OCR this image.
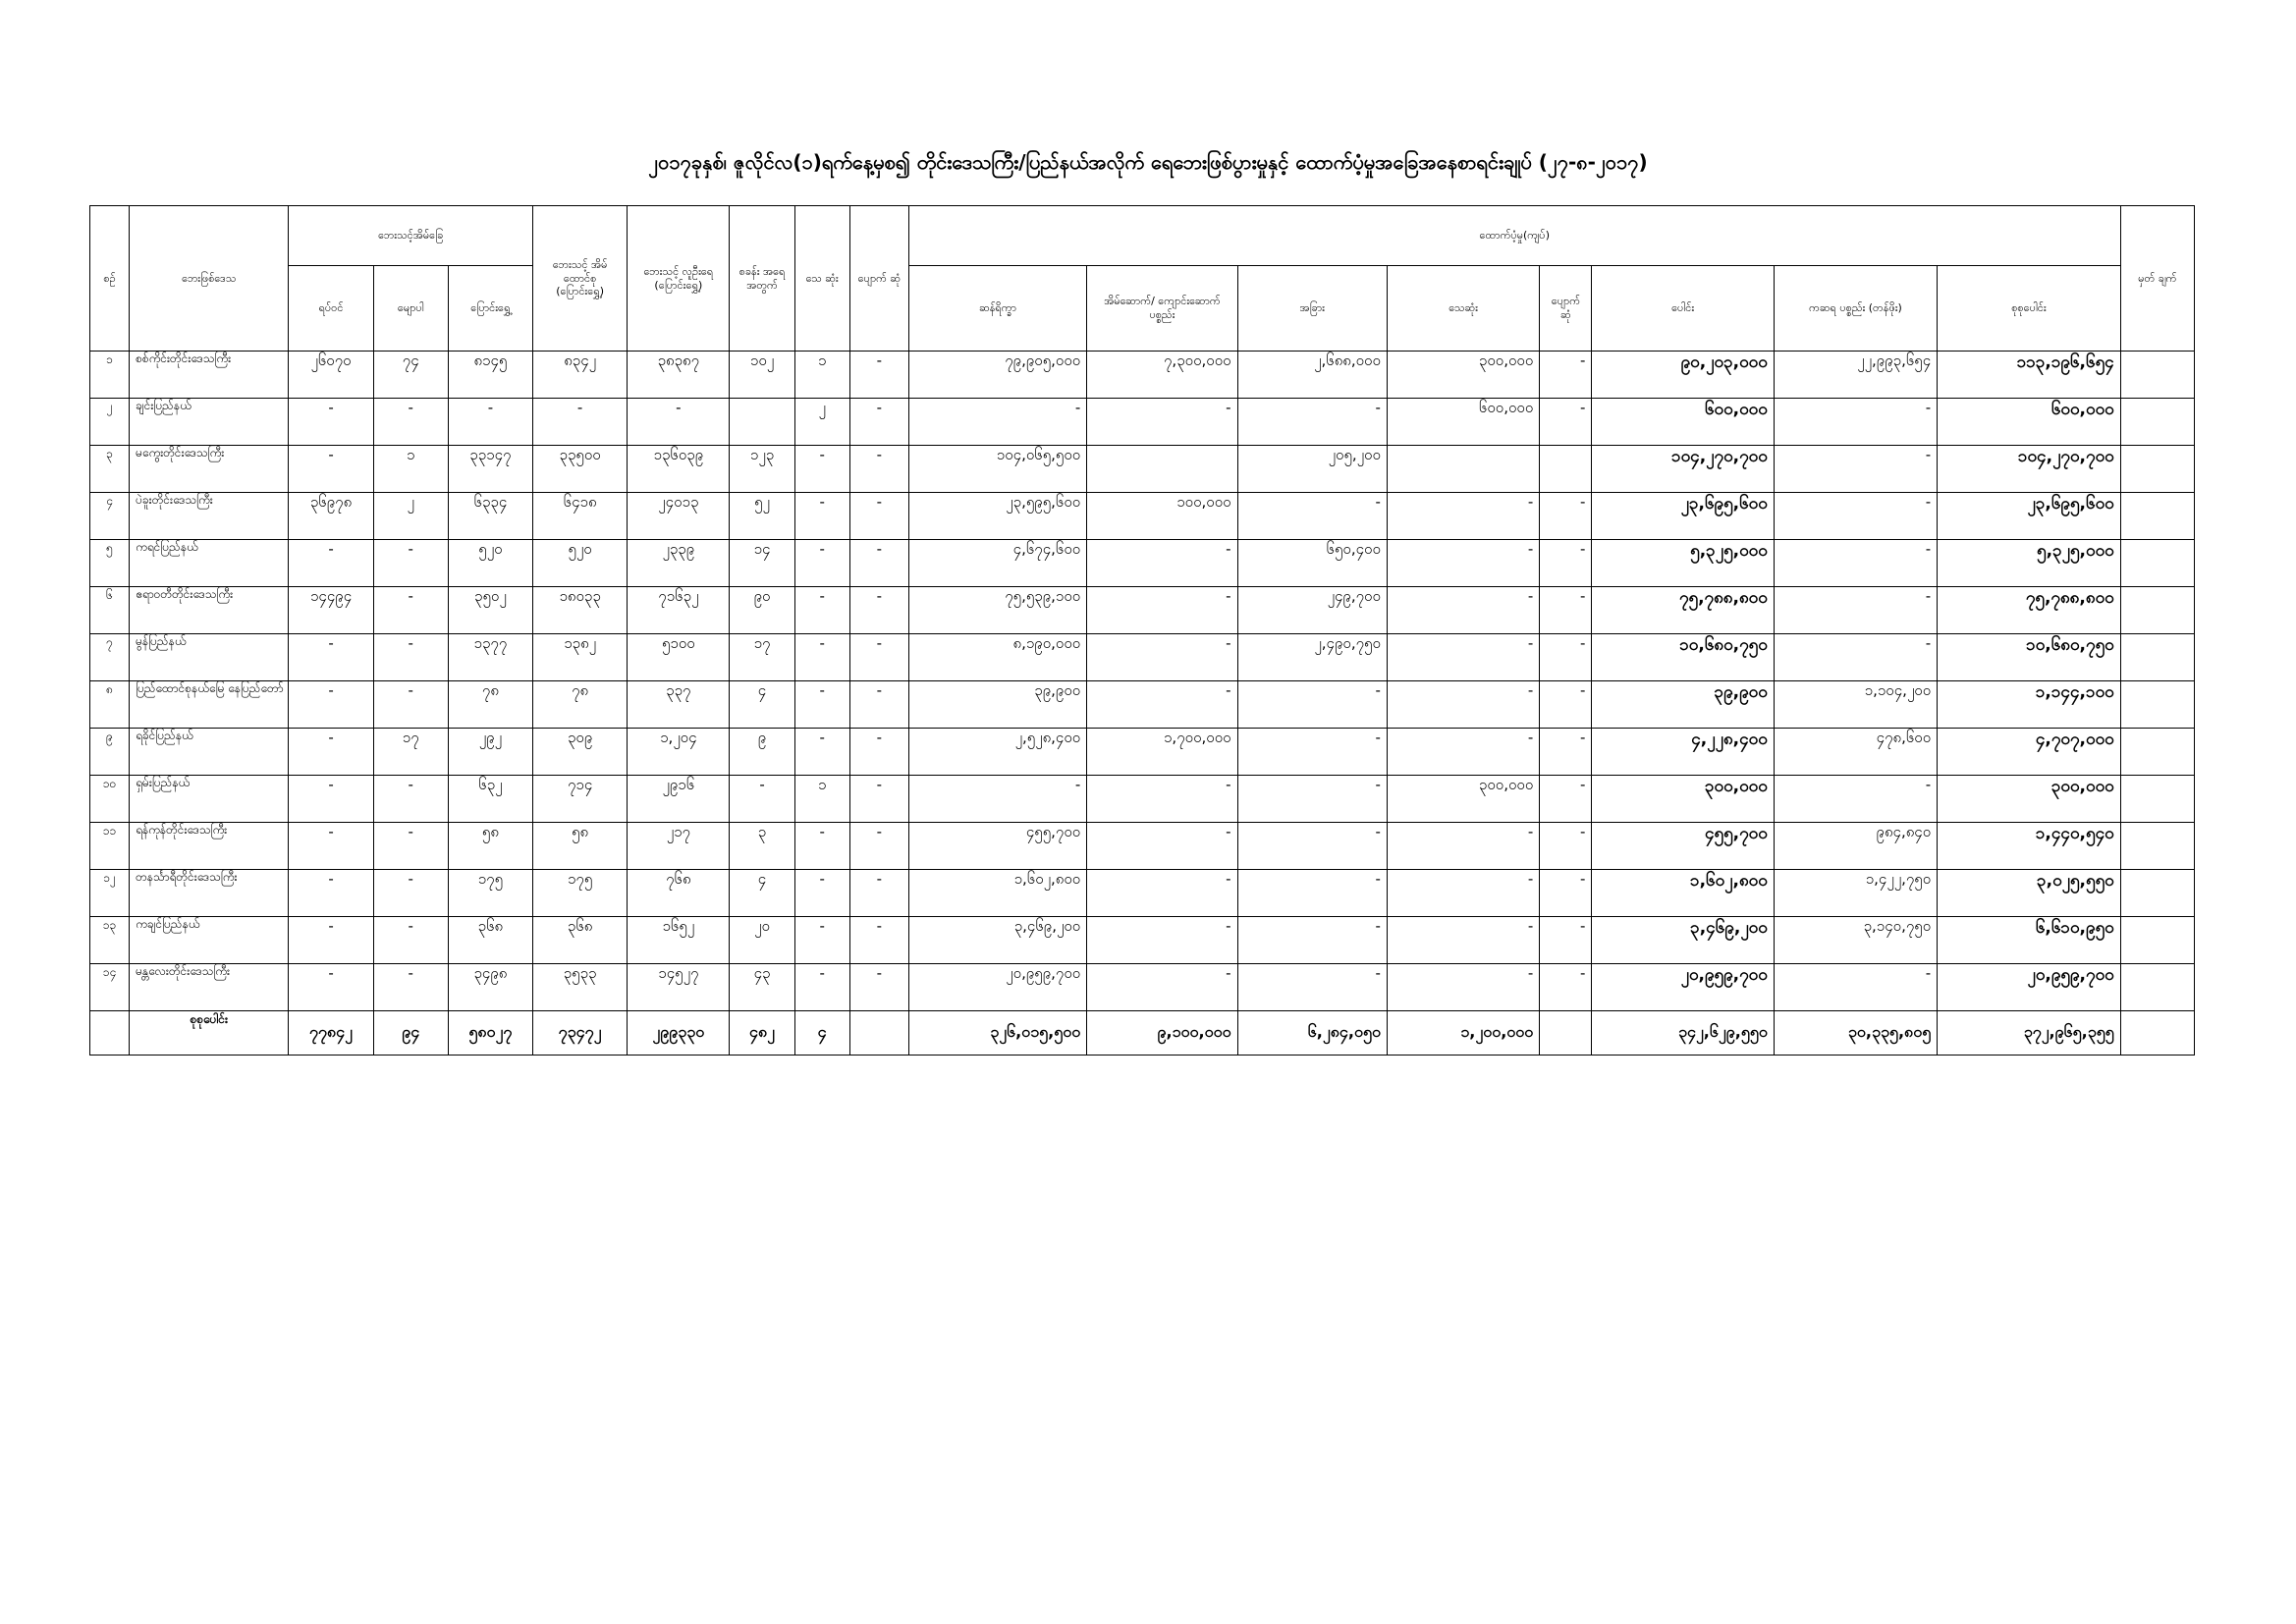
၂၀၁၇ခုနှစ်၊ ဇူလိုင်လ(၁)ရက်နေ့မှစ၍ တိုင်းဒေသကြီး/ပြည်နယ်အလိုက် ရေဘေးဖြစ်ပွားမှုနှင့် ထောက်ပံ့မှုအခြေအနေစာရင်းချုပ် (၂၇-၈-၂၀၁၇)
စဥ်	ဘေးဖြစ်ဒေသ	ဘေးသင့်အိမ်ခြေ			ဘေးသင့် အိမ် ထောင်စု (ပြောင်းရွှေ့)	ဘေးသင့် လူဦးရေ (ပြောင်းရွှေ့)	စခန်း အရေ အတွက်	သေ ဆုံး	ပျောက် ဆုံ	ထောက်ပံ့မှု(ကျပ်)								မှတ် ချက်
		ရပ်ဝင်	မျောပါ	ပြောင်းရွှေ့						ဆန်ရိက္ခာ	အိမ်ဆောက်/ ကျောင်းဆောက် ပစ္စည်း	အခြား	သေဆုံး	ပျောက် ဆုံ	ပေါင်း	ကဆရ ပစ္စည်း (တန်ဖိုး)	စုစုပေါင်း	
၁	စစ်ကိုင်းတိုင်းဒေသကြီး	၂၆၀၇၀	၇၄	၈၁၄၅	၈၃၄၂	၃၈၃၈၇	၁၀၂	၁	-	၇၉,၉၀၅,၀၀၀	၇,၃၀၀,၀၀၀	၂,၆၈၈,၀၀၀	၃၀၀,၀၀၀	-	၉၀,၂၀၃,၀၀၀	၂၂,၉၉၃,၆၅၄	၁၁၃,၁၉၆,၆၅၄	
၂	ချင်းပြည်နယ်	-	-	-	-	-		၂	-	-	-	-	၆၀၀,၀၀၀	-	၆၀၀,၀၀၀	-	၆၀၀,၀၀၀	
၃	မကွေးတိုင်းဒေသကြီး	-	၁	၃၃၁၄၇	၃၃၅၀၀	၁၃၆၀၃၉	၁၂၃	-	-	၁၀၄,၀၆၅,၅၀၀		၂၀၅,၂၀၀			၁၀၄,၂၇၀,၇၀၀	-	၁၀၄,၂၇၀,၇၀၀	
၄	ပဲခူးတိုင်းဒေသကြီး	၃၆၉၇၈	၂	၆၃၃၄	၆၄၁၈	၂၄၀၁၃	၅၂	-	-	၂၃,၅၉၅,၆၀၀	၁၀၀,၀၀၀	-	-	-	၂၃,၆၉၅,၆၀၀	-	၂၃,၆၉၅,၆၀၀	
၅	ကရင်ပြည်နယ်	-	-	၅၂၀	၅၂၀	၂၃၃၉	၁၄	-	-	၄,၆၇၄,၆၀၀	-	၆၅၀,၄၀၀	-	-	၅,၃၂၅,၀၀၀	-	၅,၃၂၅,၀၀၀	
၆	ဧရာဝတီတိုင်းဒေသကြီး	၁၄၄၉၄	-	၃၅၀၂	၁၈၀၃၃	၇၁၆၃၂	၉၀	-	-	၇၅,၅၃၉,၁၀၀	-	၂၄၉,၇၀၀	-	-	၇၅,၇၈၈,၈၀၀	-	၇၅,၇၈၈,၈၀၀	
၇	မွန်ပြည်နယ်	-	-	၁၃၇၇	၁၃၈၂	၅၁၀၀	၁၇	-	-	၈,၁၉၀,၀၀၀	-	၂,၄၉၀,၇၅၀	-	-	၁၀,၆၈၀,၇၅၀	-	၁၀,၆၈၀,၇၅၀	
၈	ပြည်ထောင်စုနယ်မြေ နေပြည်တော်	-	-	၇၈	၇၈	၃၃၇	၄	-	-	၃၉,၉၀၀	-	-	-	-	၃၉,၉၀၀	၁,၁၀၄,၂၀၀	၁,၁၄၄,၁၀၀	
၉	ရခိုင်ပြည်နယ်	-	၁၇	၂၉၂	၃၀၉	၁,၂၀၄	၉	-	-	၂,၅၂၈,၄၀၀	၁,၇၀၀,၀၀၀	-	-	-	၄,၂၂၈,၄၀၀	၄၇၈,၆၀၀	၄,၇၀၇,၀၀၀	
၁၀	ရှမ်းပြည်နယ်	-	-	၆၃၂	၇၁၄	၂၉၁၆	-	၁	-	-	-	-	၃၀၀,၀၀၀	-	၃၀၀,၀၀၀	-	၃၀၀,၀၀၀	
၁၁	ရန်ကုန်တိုင်းဒေသကြီး	-	-	၅၈	၅၈	၂၁၇	၃	-	-	၄၅၅,၇၀၀	-	-	-	-	၄၅၅,၇၀၀	၉၈၄,၈၄၀	၁,၄၄၀,၅၄၀	
၁၂	တနင်္သာရီတိုင်းဒေသကြီး	-	-	၁၇၅	၁၇၅	၇၆၈	၄	-	-	၁,၆၀၂,၈၀၀	-	-	-	-	၁,၆၀၂,၈၀၀	၁,၄၂၂,၇၅၀	၃,၀၂၅,၅၅၀	
၁၃	ကချင်ပြည်နယ်	-	-	၃၆၈	၃၆၈	၁၆၅၂	၂၀	-	-	၃,၄၆၉,၂၀၀	-	-	-	-	၃,၄၆၉,၂၀၀	၃,၁၄၀,၇၅၀	၆,၆၁၀,၉၅၀	
၁၄	မန္တလေးတိုင်းဒေသကြီး	-	-	၃၄၉၈	၃၅၃၃	၁၄၅၂၇	၄၃	-	-	၂၀,၉၅၉,၇၀၀	-	-	-	-	၂၀,၉၅၉,၇၀၀	-	၂၀,၉၅၉,၇၀၀	
	စုစုပေါင်း	၇၇၈၄၂	၉၄	၅၈၀၂၇	၇၃၄၇၂	၂၉၉၃၃၀	၄၈၂	၄		၃၂၆,၀၁၅,၅၀၀	၉,၁၀၀,၀၀၀	၆,၂၈၄,၀၅၀	၁,၂၀၀,၀၀၀		၃၄၂,၆၂၉,၅၅၀	၃၀,၃၃၅,၈၀၅	၃၇၂,၉၆၅,၃၅၅	
